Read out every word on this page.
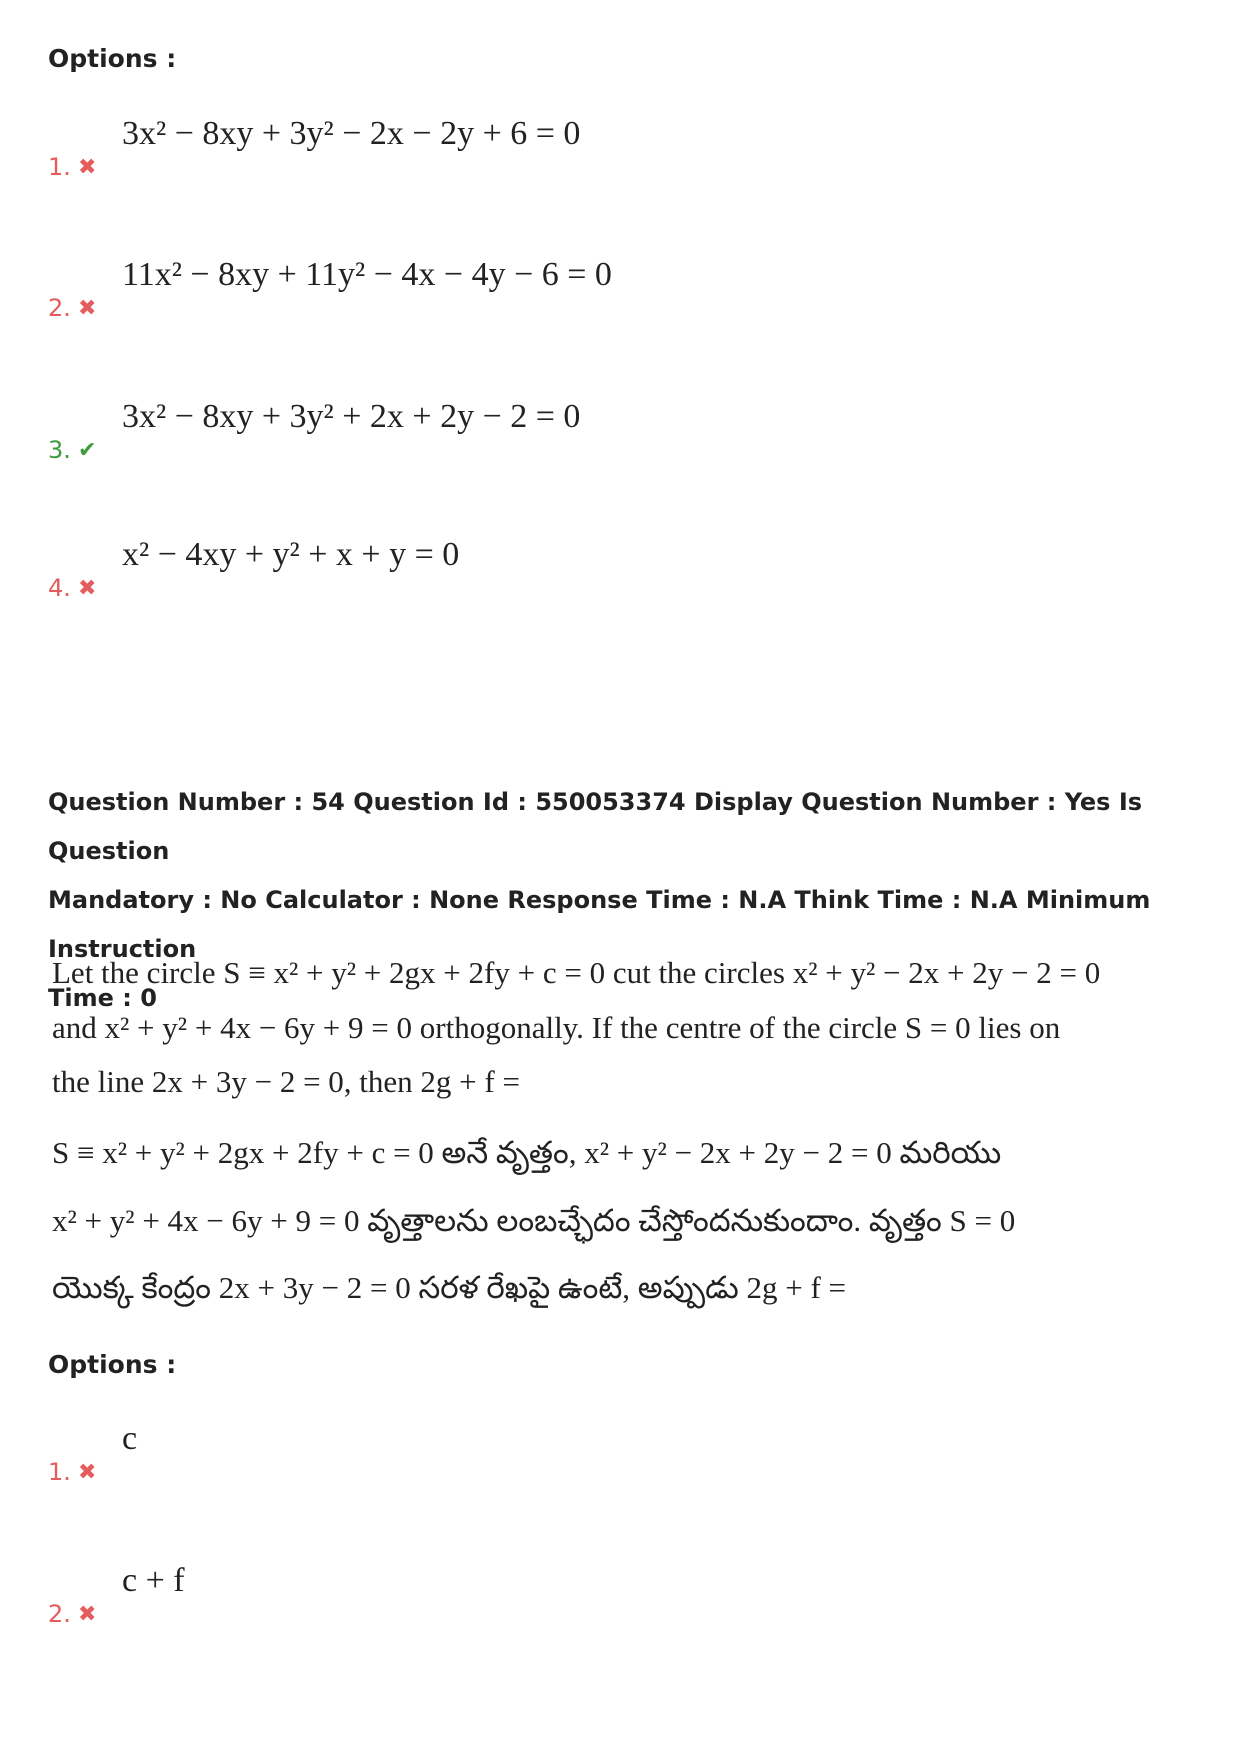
Options :
1. ✖
3x² − 8xy + 3y² − 2x − 2y + 6 = 0
2. ✖
11x² − 8xy + 11y² − 4x − 4y − 6 = 0
3. ✔
3x² − 8xy + 3y² + 2x + 2y − 2 = 0
4. ✖
x² − 4xy + y² + x + y = 0
Question Number : 54 Question Id : 550053374 Display Question Number : Yes Is Question
Mandatory : No Calculator : None Response Time : N.A Think Time : N.A Minimum Instruction
Time : 0
Let the circle S ≡ x² + y² + 2gx + 2fy + c = 0 cut the circles x² + y² − 2x + 2y − 2 = 0
and x² + y² + 4x − 6y + 9 = 0 orthogonally. If the centre of the circle S = 0 lies on
the line 2x + 3y − 2 = 0, then 2g + f =
S ≡ x² + y² + 2gx + 2fy + c = 0 అనే వృత్తం, x² + y² − 2x + 2y − 2 = 0 మరియు
x² + y² + 4x − 6y + 9 = 0 వృత్తాలను లంబచ్ఛేదం చేస్తోందనుకుందాం. వృత్తం S = 0
యొక్క కేంద్రం 2x + 3y − 2 = 0 సరళ రేఖపై ఉంటే, అప్పుడు 2g + f =
Options :
1. ✖
c
2. ✖
c + f
